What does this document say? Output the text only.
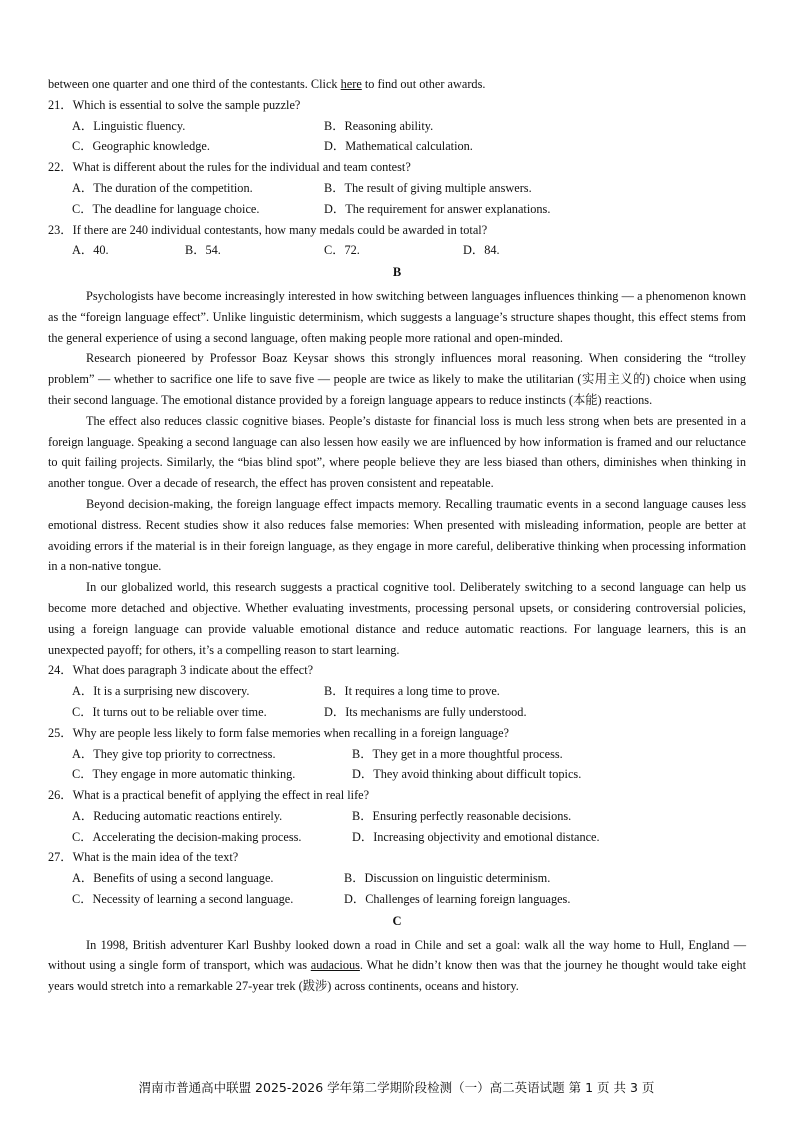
between one quarter and one third of the contestants. Click here to find out other awards.
21．Which is essential to solve the sample puzzle?
A．Linguistic fluency.	B．Reasoning ability.
C．Geographic knowledge.	D．Mathematical calculation.
22．What is different about the rules for the individual and team contest?
A．The duration of the competition.	B．The result of giving multiple answers.
C．The deadline for language choice.	D．The requirement for answer explanations.
23．If there are 240 individual contestants, how many medals could be awarded in total?
A．40.	B．54.	C．72.	D．84.
B

Psychologists have become increasingly interested in how switching between languages influences thinking — a phenomenon known as the “foreign language effect”. Unlike linguistic determinism, which suggests a language’s structure shapes thought, this effect stems from the general experience of using a second language, often making people more rational and open-minded.

Research pioneered by Professor Boaz Keysar shows this strongly influences moral reasoning. When considering the “trolley problem” — whether to sacrifice one life to save five — people are twice as likely to make the utilitarian (实用主义的) choice when using their second language. The emotional distance provided by a foreign language appears to reduce instincts (本能) reactions.

The effect also reduces classic cognitive biases. People’s distaste for financial loss is much less strong when bets are presented in a foreign language. Speaking a second language can also lessen how easily we are influenced by how information is framed and our reluctance to quit failing projects. Similarly, the “bias blind spot”, where people believe they are less biased than others, diminishes when thinking in another tongue. Over a decade of research, the effect has proven consistent and repeatable.

Beyond decision-making, the foreign language effect impacts memory. Recalling traumatic events in a second language causes less emotional distress. Recent studies show it also reduces false memories: When presented with misleading information, people are better at avoiding errors if the material is in their foreign language, as they engage in more careful, deliberative thinking when processing information in a non-native tongue.

In our globalized world, this research suggests a practical cognitive tool. Deliberately switching to a second language can help us become more detached and objective. Whether evaluating investments, processing personal upsets, or considering controversial policies, using a foreign language can provide valuable emotional distance and reduce automatic reactions. For language learners, this is an unexpected payoff; for others, it’s a compelling reason to start learning.

24．What does paragraph 3 indicate about the effect?
A．It is a surprising new discovery.	B．It requires a long time to prove.
C．It turns out to be reliable over time.	D．Its mechanisms are fully understood.
25．Why are people less likely to form false memories when recalling in a foreign language?
A．They give top priority to correctness.	B．They get in a more thoughtful process.
C．They engage in more automatic thinking.	D．They avoid thinking about difficult topics.
26．What is a practical benefit of applying the effect in real life?
A．Reducing automatic reactions entirely.	B．Ensuring perfectly reasonable decisions.
C．Accelerating the decision-making process.	D．Increasing objectivity and emotional distance.
27．What is the main idea of the text?
A．Benefits of using a second language.	B．Discussion on linguistic determinism.
C．Necessity of learning a second language.	D．Challenges of learning foreign languages.
C

In 1998, British adventurer Karl Bushby looked down a road in Chile and set a goal: walk all the way home to Hull, England — without using a single form of transport, which was audacious. What he didn’t know then was that the journey he thought would take eight years would stretch into a remarkable 27-year trek (跋涉) across continents, oceans and history.

渭南市普通高中联盟 2025-2026 学年第二学期阶段检测（一）高二英语试题 第 1 页 共 3 页
